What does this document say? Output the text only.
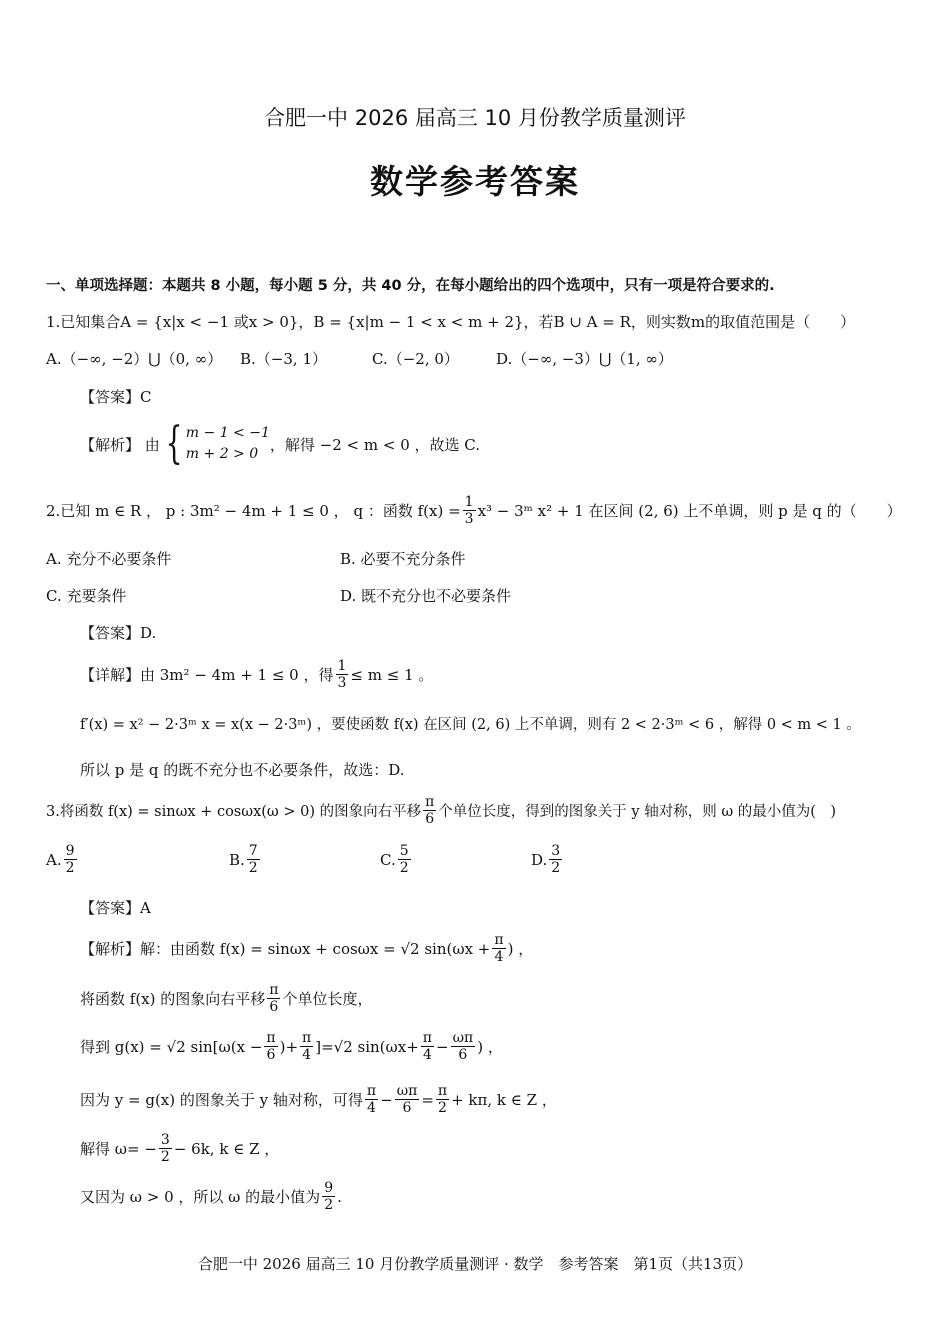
合肥一中 2026 届高三 10 月份教学质量测评
数学参考答案
一、单项选择题：本题共 8 小题，每小题 5 分，共 40 分，在每小题给出的四个选项中，只有一项是符合要求的.
1.已知集合A = {x|x < −1 或x > 0}，B = {x|m − 1 < x < m + 2}，若B ∪ A = R，则实数m的取值范围是（　　）
A.（−∞, −2）⋃（0, ∞） B.（−3, 1）	C.（−2, 0） D.（−∞, −3）⋃（1, ∞）
【答案】C
【解析】 由 { m − 1 < −1
m + 2 > 0
，解得 −2 < m < 0 ，故选 C.
2.已知 m ∈ R ， p : 3m² − 4m + 1 ≤ 0 ， q ：函数 $f(x) = \frac{1}{3} x^3$ − 3ᵐ x² + 1 在区间 (2, 6) 上不单调，则 p 是 q 的（　　）
A. 充分不必要条件	B. 必要不充分条件
C. 充要条件	D. 既不充分也不必要条件
【答案】D.
【详解】由 3m² − 4m + 1 ≤ 0 ，得 $\frac{1}{3} \le m \le 1$ 。
f′(x) = x² − 2·3ᵐ x = x(x − 2·3ᵐ) ，要使函数 f(x) 在区间 (2, 6) 上不单调，则有 2 < 2·3ᵐ < 6 ，解得 0 < m < 1 。
所以 p 是 q 的既不充分也不必要条件，故选：D.
3.将函数 f(x) = sinωx + cosωx(ω > 0) 的图象向右平移 $\frac{\pi}{6}$ 个单位长度，得到的图象关于 y 轴对称，则 ω 的最小值为(　)
A. $\frac{9}{2}$	B. $\frac{7}{2}$	C. $\frac{5}{2}$	D. $\frac{3}{2}$
【答案】A
【解析】解：由函数 f(x) = sinωx + cosωx = √2 $\sin(\omega x + \frac{\pi}{4}$ ) ，
将函数 f(x) 的图象向右平移 $\frac{\pi}{6}$ 个单位长度，
得到 g(x) = √2 $\sin[\omega(x - \frac{\pi}{6}$ )+ $\frac{\pi}{4} ]=√2$ $\sin(\omega x+ \frac{\pi}{4} - \frac{\omega\pi}{6}$ ) ，
因为 y = g(x) 的图象关于 y 轴对称，可得 $\frac{\pi}{4} - \frac{\omega\pi}{6} = \frac{\pi}{2} + k\pi$, k ∈ Z ，
解得 $\omega= - \frac{3}{2} - 6k$, k ∈ Z ，
又因为 ω > 0 ，所以 ω 的最小值为 $\frac{9}{2}$ .
合肥一中 2026 届高三 10 月份教学质量测评 · 数学　参考答案　第1页（共13页）
